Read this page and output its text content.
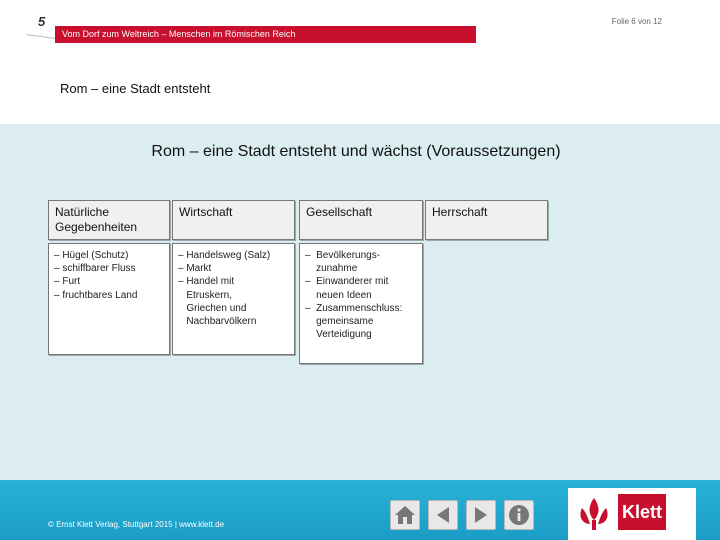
5	Folie 6 von 12
Vom Dorf zum Weltreich – Menschen im Römischen Reich
Rom – eine Stadt entsteht
Rom – eine Stadt entsteht und wächst (Voraussetzungen)
Natürliche Gegebenheiten
– Hügel (Schutz)
– schiffbarer Fluss
– Furt
– fruchtbares Land
Wirtschaft
– Handelsweg (Salz)
– Markt
– Handel mit
Etruskern,
Griechen und
Nachbarvölkern
Gesellschaft
–  Bevölkerungs-
zunahme
–  Einwanderer mit
neuen Ideen
–  Zusammenschluss:
gemeinsame
Verteidigung
Herrschaft
© Ernst Klett Verlag, Stuttgart 2015 | www.klett.de
Klett
